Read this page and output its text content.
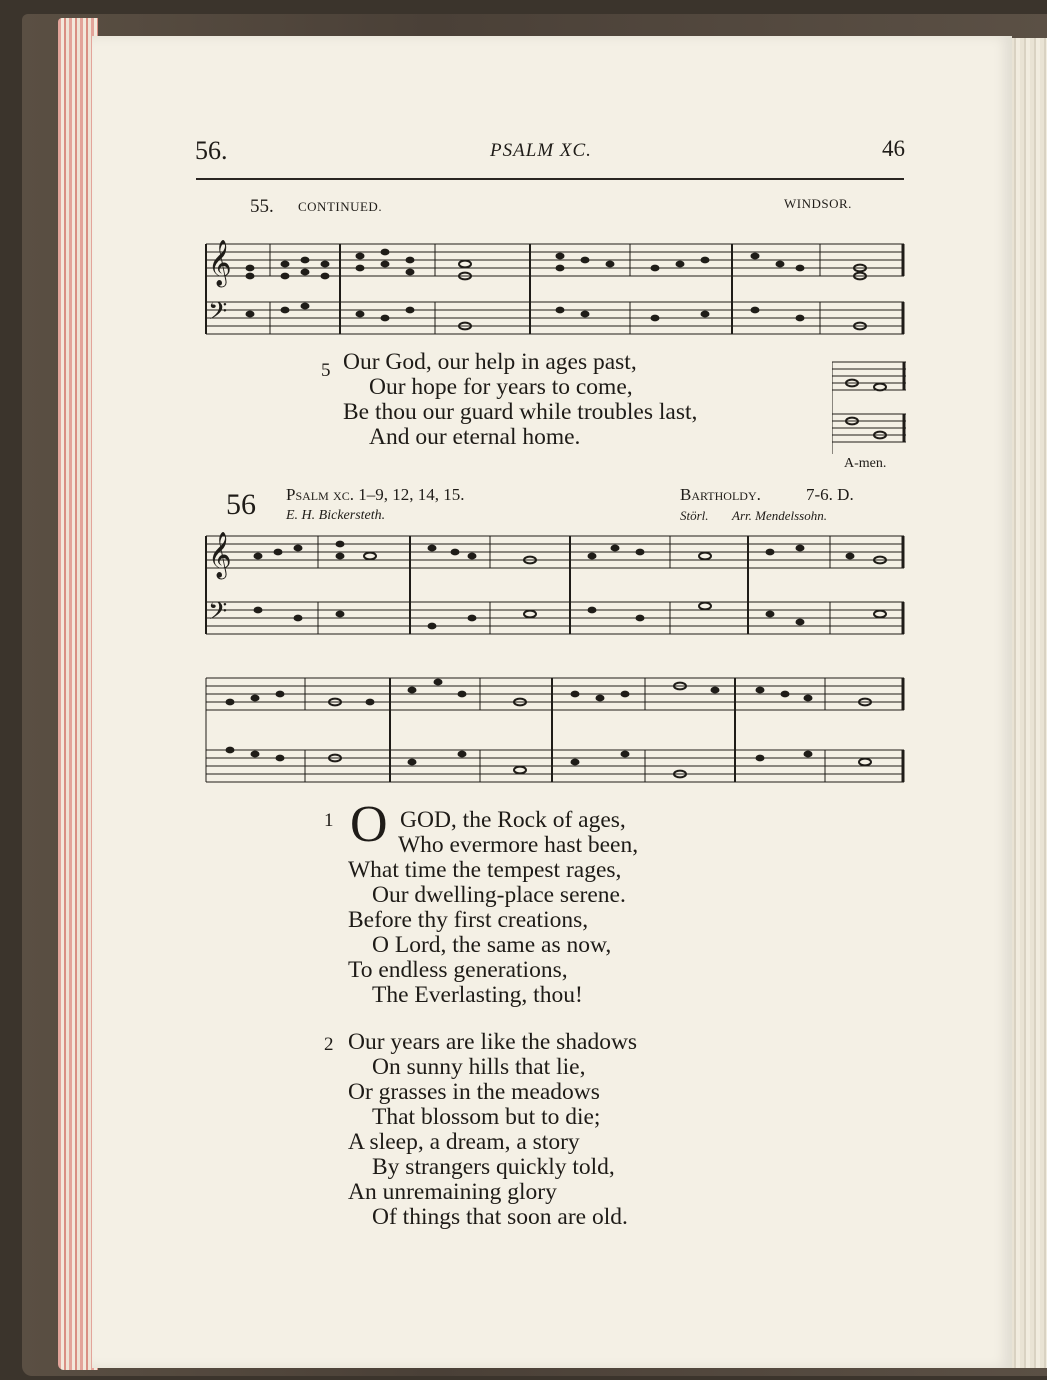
56.	PSALM XC.	46
55. CONTINUED.	WINDSOR.
𝄞
𝄢
5 Our God, our help in ages past,
Our hope for years to come,
Be thou our guard while troubles last,
And our eternal home.
A-men.
56 Psalm xc. 1–9, 12, 14, 15.
E. H. Bickersteth.
Bartholdy.	7-6. D.
Störl. Arr. Mendelssohn.
𝄞
𝄢
1 O GOD, the Rock of ages,
Who evermore hast been,
What time the tempest rages,
Our dwelling-place serene.
Before thy first creations,
O Lord, the same as now,
To endless generations,
The Everlasting, thou!
2 Our years are like the shadows
On sunny hills that lie,
Or grasses in the meadows
That blossom but to die;
A sleep, a dream, a story
By strangers quickly told,
An unremaining glory
Of things that soon are old.
